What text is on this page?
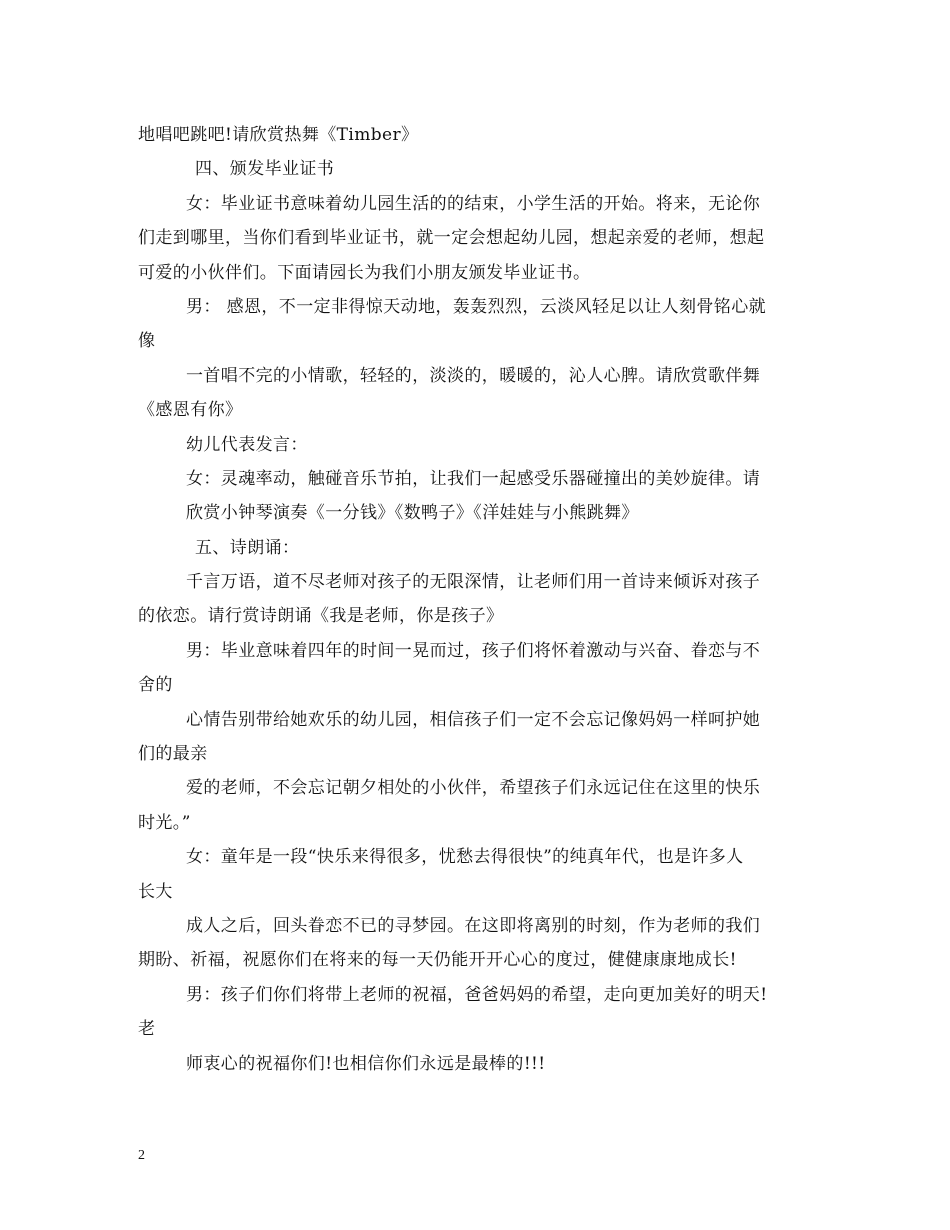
地唱吧跳吧!请欣赏热舞《Timber》
四、颁发毕业证书
女：毕业证书意味着幼儿园生活的的结束，小学生活的开始。将来，无论你
们走到哪里，当你们看到毕业证书，就一定会想起幼儿园，想起亲爱的老师，想起
可爱的小伙伴们。下面请园长为我们小朋友颁发毕业证书。
男： 感恩，不一定非得惊天动地，轰轰烈烈，云淡风轻足以让人刻骨铭心就
像
一首唱不完的小情歌，轻轻的，淡淡的，暖暖的，沁人心脾。请欣赏歌伴舞
《感恩有你》
幼儿代表发言：
女：灵魂率动，触碰音乐节拍，让我们一起感受乐器碰撞出的美妙旋律。请
欣赏小钟琴演奏《一分钱》《数鸭子》《洋娃娃与小熊跳舞》
五、诗朗诵：
千言万语，道不尽老师对孩子的无限深情，让老师们用一首诗来倾诉对孩子
的依恋。请行赏诗朗诵《我是老师，你是孩子》
男：毕业意味着四年的时间一晃而过，孩子们将怀着激动与兴奋、眷恋与不
舍的
心情告别带给她欢乐的幼儿园，相信孩子们一定不会忘记像妈妈一样呵护她
们的最亲
爱的老师，不会忘记朝夕相处的小伙伴，希望孩子们永远记住在这里的快乐
时光。”
女：童年是一段“快乐来得很多，忧愁去得很快”的纯真年代，也是许多人
长大
成人之后，回头眷恋不已的寻梦园。在这即将离别的时刻，作为老师的我们
期盼、祈福，祝愿你们在将来的每一天仍能开开心心的度过，健健康康地成长!
男：孩子们你们将带上老师的祝福，爸爸妈妈的希望，走向更加美好的明天!
老
师衷心的祝福你们!也相信你们永远是最棒的!!!
2
